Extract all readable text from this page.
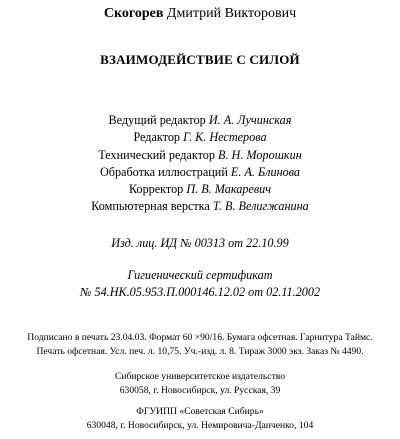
Скогорев Дмитрий Викторович
ВЗАИМОДЕЙСТВИЕ С СИЛОЙ
Ведущий редактор И. А. Лучинская
Редактор Г. К. Нестерова
Технический редактор В. Н. Морошкин
Обработка иллюстраций Е. А. Блинова
Корректор П. В. Макаревич
Компьютерная верстка Т. В. Велигжанина
Изд. лиц. ИД № 00313 от 22.10.99
Гигиенический сертификат
№ 54.НК.05.953.П.000146.12.02 от 02.11.2002
Подписано в печать 23.04.03. Формат 60 ×90/16. Бумага офсетная. Гарнитура Таймс.
Печать офсетная. Усл. печ. л. 10,75. Уч.-изд. л. 8. Тираж 3000 экз. Заказ № 4490.
Сибирское университетское издательство
630058, г. Новосибирск, ул. Русская, 39
ФГУИПП «Советская Сибирь»
630048, г. Новосибирск, ул. Немировича-Данченко, 104
